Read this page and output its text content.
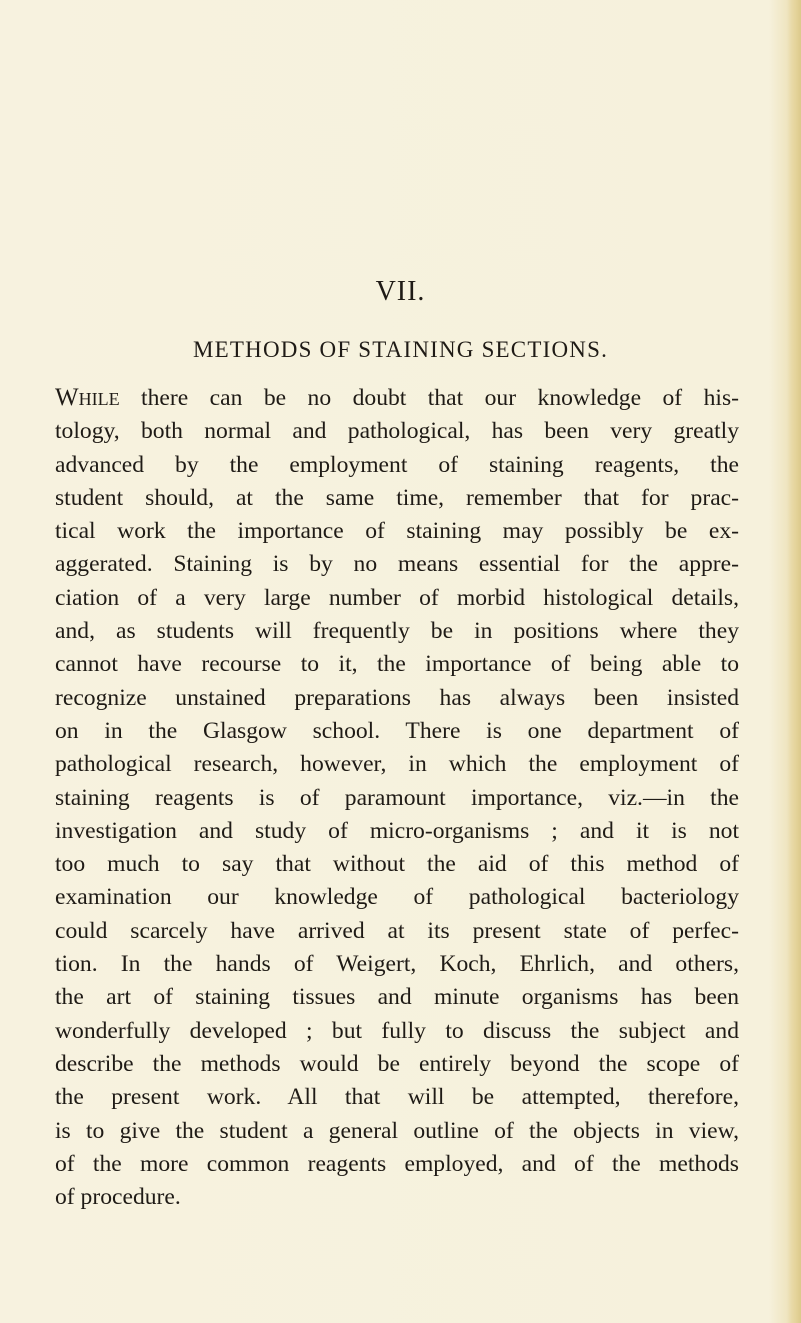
VII.
METHODS OF STAINING SECTIONS.
While there can be no doubt that our knowledge of his-
tology, both normal and pathological, has been very greatly
advanced by the employment of staining reagents, the
student should, at the same time, remember that for prac-
tical work the importance of staining may possibly be ex-
aggerated. Staining is by no means essential for the appre-
ciation of a very large number of morbid histological details,
and, as students will frequently be in positions where they
cannot have recourse to it, the importance of being able to
recognize unstained preparations has always been insisted
on in the Glasgow school. There is one department of
pathological research, however, in which the employment of
staining reagents is of paramount importance, viz.—in the
investigation and study of micro-organisms ; and it is not
too much to say that without the aid of this method of
examination our knowledge of pathological bacteriology
could scarcely have arrived at its present state of perfec-
tion. In the hands of Weigert, Koch, Ehrlich, and others,
the art of staining tissues and minute organisms has been
wonderfully developed ; but fully to discuss the subject and
describe the methods would be entirely beyond the scope of
the present work. All that will be attempted, therefore,
is to give the student a general outline of the objects in view,
of the more common reagents employed, and of the methods
of procedure.
